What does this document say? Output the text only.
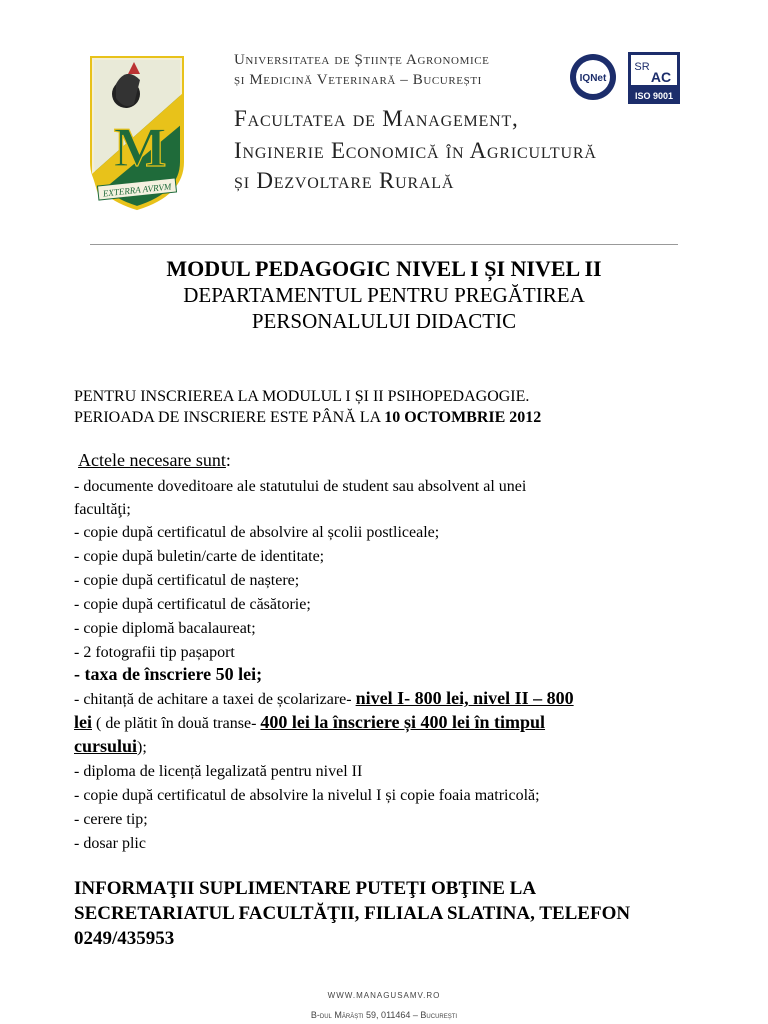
M
EXTERRA AVRVM
Universitatea de Științe Agronomice
și Medicină Veterinară – București
Facultatea de Management,
Inginerie Economică în Agricultură
și Dezvoltare Rurală
IQNet
SR
AC
ISO 9001
MODUL PEDAGOGIC NIVEL I ȘI NIVEL II
DEPARTAMENTUL PENTRU PREGĂTIREA
PERSONALULUI DIDACTIC
PENTRU INSCRIEREA LA MODULUL I ȘI II PSIHOPEDAGOGIE.
PERIOADA DE INSCRIERE ESTE PÂNĂ LA 10 OCTOMBRIE 2012
Actele necesare sunt:
- documente doveditoare ale statutului de student sau absolvent al unei
facultăţi;
- copie după certificatul de absolvire al școlii postliceale;
- copie după buletin/carte de identitate;
- copie după certificatul de naștere;
- copie după certificatul de căsătorie;
- copie diplomă bacalaureat;
- 2 fotografii tip pașaport
- taxa de înscriere 50 lei;
- chitanță de achitare a taxei de școlarizare- nivel I- 800 lei, nivel II – 800
lei ( de plătit în două transe- 400 lei la înscriere și 400 lei în timpul
cursului);
- diploma de licență legalizată pentru nivel II
- copie după certificatul de absolvire la nivelul I și copie foaia matricolă;
- cerere tip;
- dosar plic
INFORMAŢII SUPLIMENTARE PUTEŢI OBŢINE LA
SECRETARIATUL FACULTĂŢII, FILIALA SLATINA, TELEFON
0249/435953
WWW.MANAGUSAMV.RO
B-dul Mărăști 59, 011464 – București
